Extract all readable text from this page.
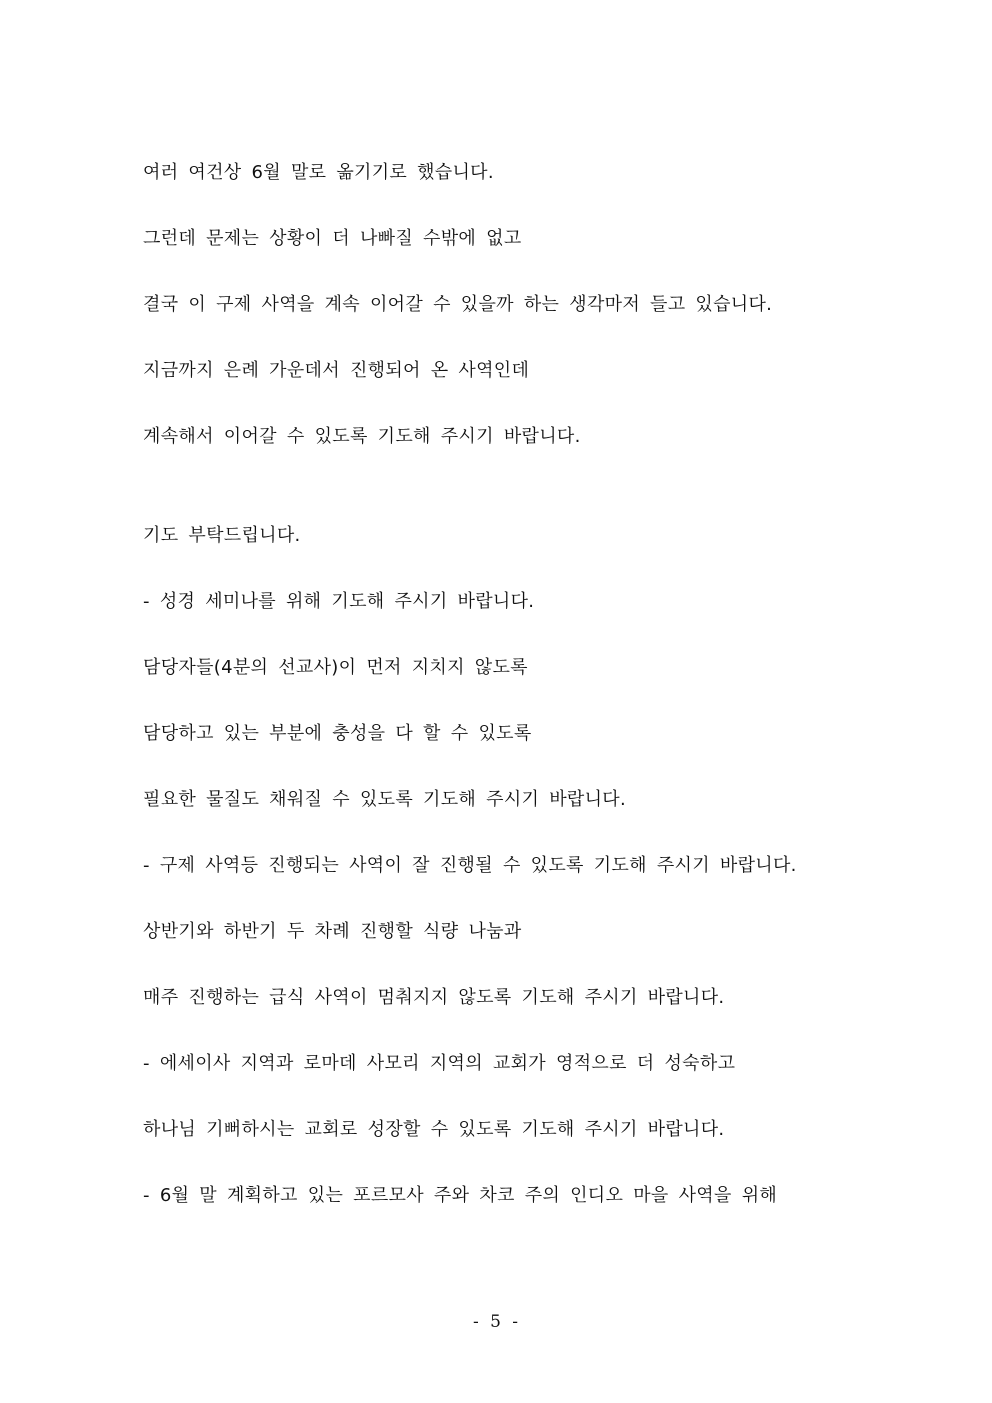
여러 여건상 6월 말로 옮기기로 했습니다.
그런데 문제는 상황이 더 나빠질 수밖에 없고
결국 이 구제 사역을 계속 이어갈 수 있을까 하는 생각마저 들고 있습니다.
지금까지 은례 가운데서 진행되어 온 사역인데
계속해서 이어갈 수 있도록 기도해 주시기 바랍니다.
기도 부탁드립니다.
- 성경 세미나를 위해 기도해 주시기 바랍니다.
담당자들(4분의 선교사)이 먼저 지치지 않도록
담당하고 있는 부분에 충성을 다 할 수 있도록
필요한 물질도 채워질 수 있도록 기도해 주시기 바랍니다.
- 구제 사역등 진행되는 사역이 잘 진행될 수 있도록 기도해 주시기 바랍니다.
상반기와 하반기 두 차례 진행할 식량 나눔과
매주 진행하는 급식 사역이 멈춰지지 않도록 기도해 주시기 바랍니다.
- 에세이사 지역과 로마데 사모리 지역의 교회가 영적으로 더 성숙하고
하나님 기뻐하시는 교회로 성장할 수 있도록 기도해 주시기 바랍니다.
- 6월 말 계획하고 있는 포르모사 주와 차코 주의 인디오 마을 사역을 위해
- 5 -
